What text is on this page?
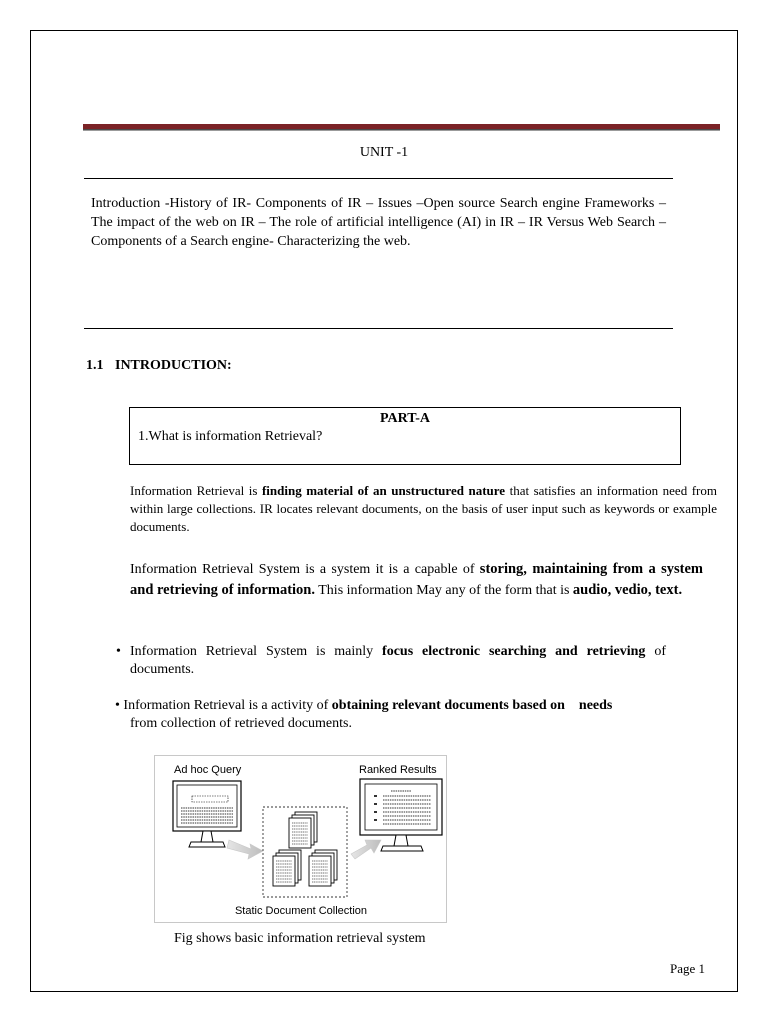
UNIT -1
Introduction -History of IR- Components of IR – Issues –Open source Search engine Frameworks – The impact of the web on IR – The role of artificial intelligence (AI) in IR – IR Versus Web Search – Components of a Search engine- Characterizing the web.
1.1 INTRODUCTION:
PART-A
1.What is information Retrieval?
Information Retrieval is finding material of an unstructured nature that satisfies an information need from within large collections. IR locates relevant documents, on the basis of user input such as keywords or example documents.
Information Retrieval System is a system it is a capable of storing, maintaining from a system and retrieving of information. This information May any of the form that is audio, vedio, text.
• Information Retrieval System is mainly focus electronic searching and retrieving of documents.
• Information Retrieval is a activity of obtaining relevant documents based on    needs
from collection of retrieved documents.
Ad hoc Query	Ranked Results
Static Document Collection
Fig shows basic information retrieval system
Page 1
